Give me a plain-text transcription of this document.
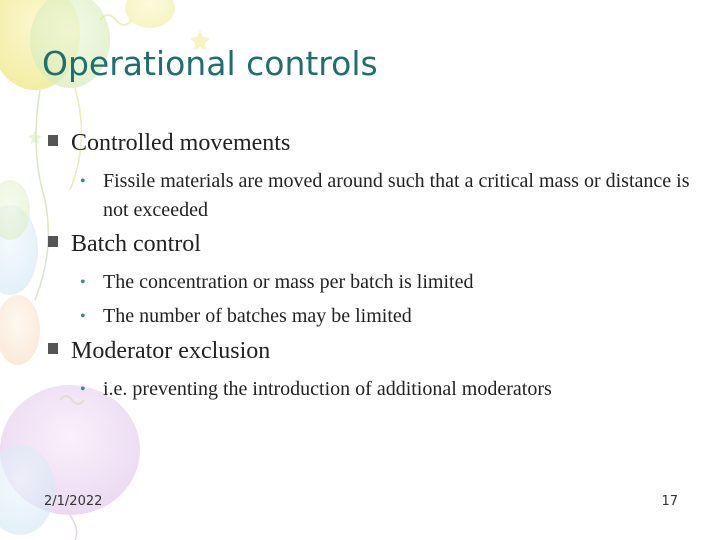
Operational controls
Controlled movements
• Fissile materials are moved around such that a critical mass or distance is not exceeded
Batch control
• The concentration or mass per batch is limited
• The number of batches may be limited
Moderator exclusion
• i.e. preventing the introduction of additional moderators
2/1/2022	17
